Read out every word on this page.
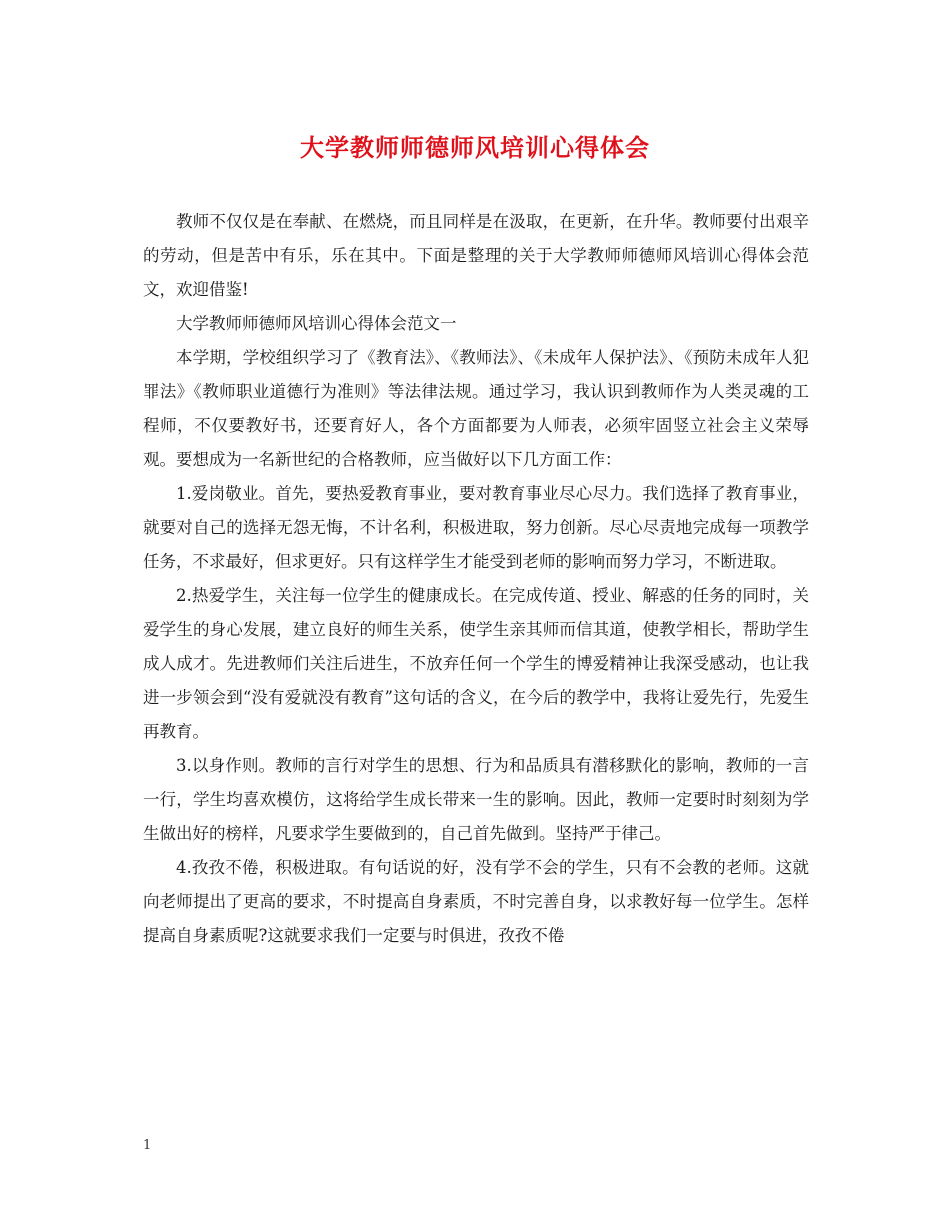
大学教师师德师风培训心得体会

教师不仅仅是在奉献、在燃烧，而且同样是在汲取，在更新，在升华。教师要付出艰辛的劳动，但是苦中有乐，乐在其中。下面是整理的关于大学教师师德师风培训心得体会范文，欢迎借鉴!

大学教师师德师风培训心得体会范文一

本学期，学校组织学习了《教育法》、《教师法》、《未成年人保护法》、《预防未成年人犯罪法》《教师职业道德行为准则》等法律法规。通过学习，我认识到教师作为人类灵魂的工程师，不仅要教好书，还要育好人，各个方面都要为人师表，必须牢固竖立社会主义荣辱观。要想成为一名新世纪的合格教师，应当做好以下几方面工作：

1.爱岗敬业。首先，要热爱教育事业，要对教育事业尽心尽力。我们选择了教育事业，就要对自己的选择无怨无悔，不计名利，积极进取，努力创新。尽心尽责地完成每一项教学任务，不求最好，但求更好。只有这样学生才能受到老师的影响而努力学习，不断进取。

2.热爱学生，关注每一位学生的健康成长。在完成传道、授业、解惑的任务的同时，关爱学生的身心发展，建立良好的师生关系，使学生亲其师而信其道，使教学相长，帮助学生成人成才。先进教师们关注后进生，不放弃任何一个学生的博爱精神让我深受感动，也让我进一步领会到“没有爱就没有教育”这句话的含义，在今后的教学中，我将让爱先行，先爱生再教育。

3.以身作则。教师的言行对学生的思想、行为和品质具有潜移默化的影响，教师的一言一行，学生均喜欢模仿，这将给学生成长带来一生的影响。因此，教师一定要时时刻刻为学生做出好的榜样，凡要求学生要做到的，自己首先做到。坚持严于律己。

4.孜孜不倦，积极进取。有句话说的好，没有学不会的学生，只有不会教的老师。这就向老师提出了更高的要求，不时提高自身素质，不时完善自身，以求教好每一位学生。怎样提高自身素质呢?这就要求我们一定要与时俱进，孜孜不倦

1
